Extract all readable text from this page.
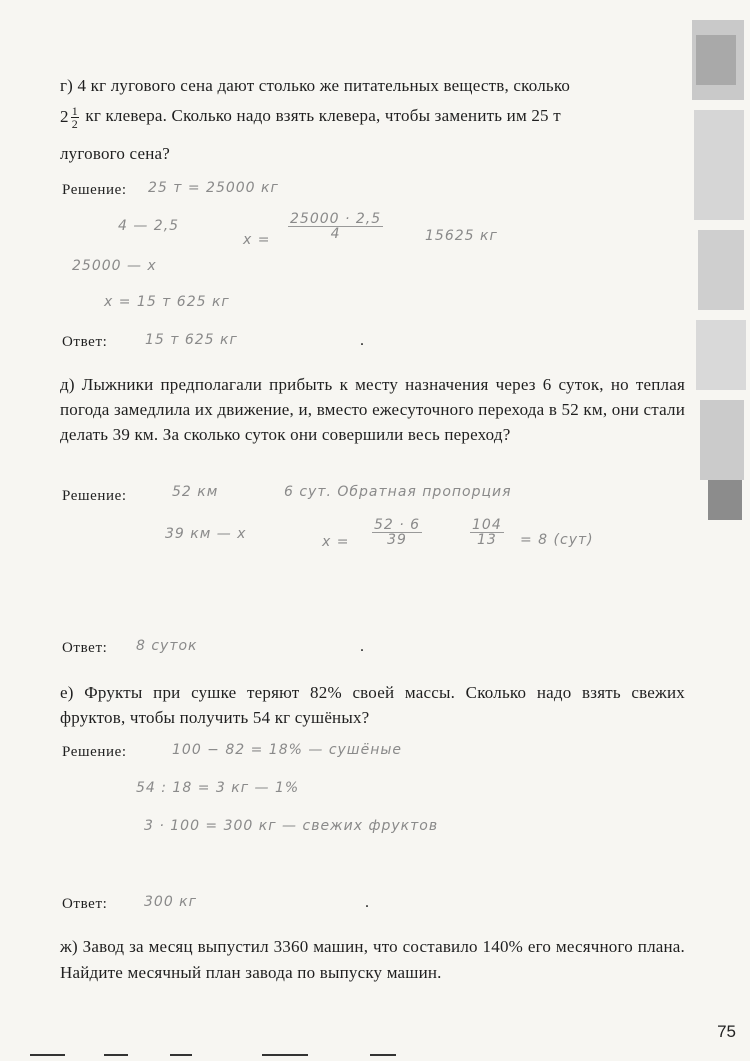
г) 4 кг лугового сена дают столько же питательных веществ, сколько
$2 \frac{1}{2}$ кг клевера. Сколько надо взять клевера, чтобы заменить им 25 т
лугового сена?
Решение: 25 т = 25000 кг
4 — 2,5
25000 — x
$x = \frac{25000 \cdot 2,5}{4}$	15625 кг
x = 15 т 625 кг
Ответ:	15 т 625 кг	.
д) Лыжники предполагали прибыть к месту назначения через 6 суток, но теплая погода замедлила их движение, и, вместо ежесуточного перехода в 52 км, они стали делать 39 км. За сколько суток они совершили весь переход?
Решение:	52 км	6 сут. Обратная пропорция
39 км — x	$x = \frac{52 \cdot 6}{39}$	$\frac{104}{13} = 8$ (сут)
Ответ: 8 суток	.
е) Фрукты при сушке теряют 82% своей массы. Сколько надо взять свежих фруктов, чтобы получить 54 кг сушёных?
Решение:	100 − 82 = 18% — сушёные
54 : 18 = 3 кг — 1%
3 · 100 = 300 кг — свежих фруктов
Ответ:	300 кг	.
ж) Завод за месяц выпустил 3360 машин, что составило 140% его месячного плана. Найдите месячный план завода по выпуску машин.
75
